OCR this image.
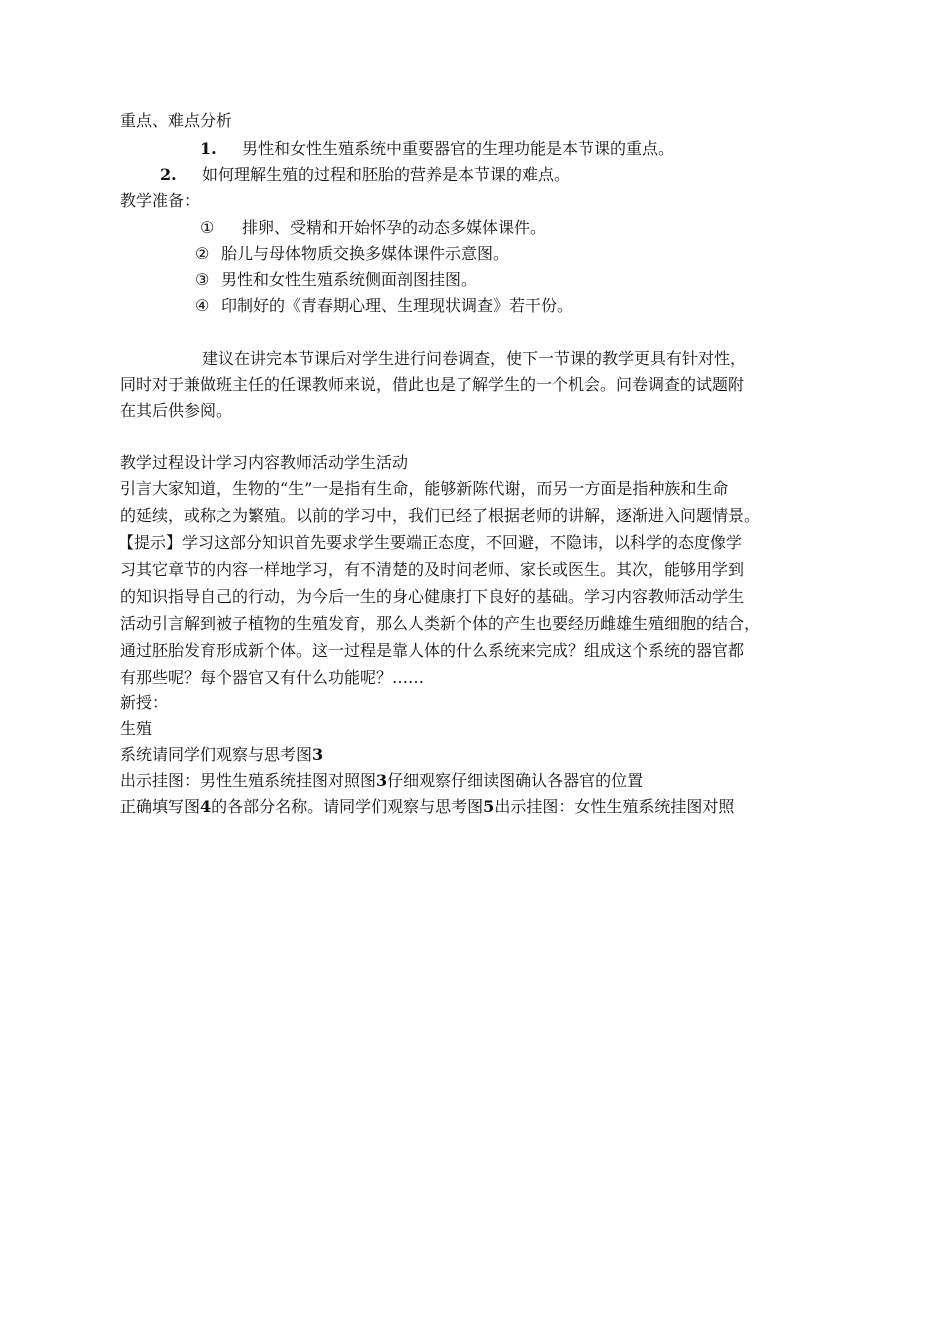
重点、难点分析
1. 男性和女性生殖系统中重要器官的生理功能是本节课的重点。
2. 如何理解生殖的过程和胚胎的营养是本节课的难点。
教学准备：
① 排卵、受精和开始怀孕的动态多媒体课件。
② 胎儿与母体物质交换多媒体课件示意图。
③ 男性和女性生殖系统侧面剖图挂图。
④ 印制好的《青春期心理、生理现状调查》若干份。
建议在讲完本节课后对学生进行问卷调查，使下一节课的教学更具有针对性，
同时对于兼做班主任的任课教师来说，借此也是了解学生的一个机会。问卷调查的试题附
在其后供参阅。
教学过程设计学习内容教师活动学生活动
引言大家知道，生物的“生”一是指有生命，能够新陈代谢，而另一方面是指种族和生命
的延续，或称之为繁殖。以前的学习中，我们已经了根据老师的讲解，逐渐进入问题情景。
【提示】学习这部分知识首先要求学生要端正态度，不回避，不隐讳，以科学的态度像学
习其它章节的内容一样地学习，有不清楚的及时问老师、家长或医生。其次，能够用学到
的知识指导自己的行动，为今后一生的身心健康打下良好的基础。学习内容教师活动学生
活动引言解到被子植物的生殖发育，那么人类新个体的产生也要经历雌雄生殖细胞的结合，
通过胚胎发育形成新个体。这一过程是靠人体的什么系统来完成？组成这个系统的器官都
有那些呢？每个器官又有什么功能呢？……
新授：
生殖
系统请同学们观察与思考图3
出示挂图：男性生殖系统挂图对照图3仔细观察仔细读图确认各器官的位置
正确填写图4的各部分名称。请同学们观察与思考图5出示挂图：女性生殖系统挂图对照
